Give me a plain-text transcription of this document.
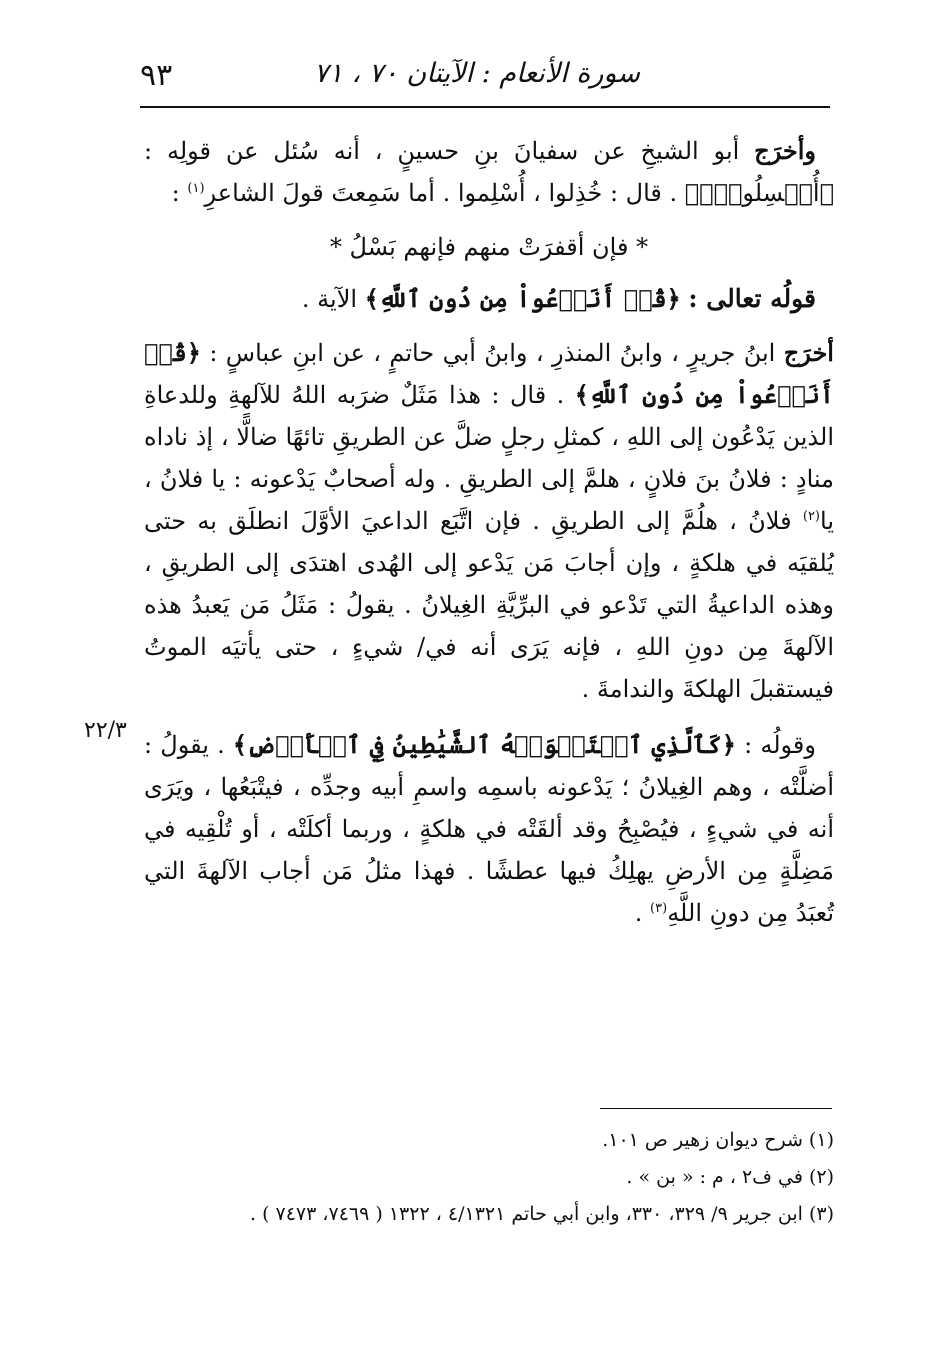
٩٣	سورة الأنعام : الآيتان ٧٠ ، ٧١

وأخرَج أبو الشيخِ عن سفيانَ بنِ حسينٍ ، أنه سُئل عن قولِه : ﴿أُبۡسِلُواْۖ﴾ . قال : خُذِلوا ، أُسْلِموا . أما سَمِعتَ قولَ الشاعرِ$^{(١)}$ :

* فإن أقفرَتْ منهم فإنهم بَسْلُ *

قولُه تعالى : ﴿قُلۡ أَنَدۡعُواْ مِن دُونِ ٱللَّهِ﴾ الآية .

أخرَج ابنُ جريرٍ ، وابنُ المنذرِ ، وابنُ أبي حاتمٍ ، عن ابنِ عباسٍ : ﴿قُلۡ أَنَدۡعُواْ مِن دُونِ ٱللَّهِ﴾ . قال : هذا مَثَلٌ ضرَبه اللهُ للآلهةِ وللدعاةِ الذين يَدْعُون إلى اللهِ ، كمثلِ رجلٍ ضلَّ عن الطريقِ تائهًا ضالًّا ، إذ ناداه منادٍ : فلانُ بنَ فلانٍ ، هلمَّ إلى الطريقِ . وله أصحابٌ يَدْعونه : يا فلانُ ، يا$^{(٢)}$ فلانُ ، هلُمَّ إلى الطريقِ . فإن اتَّبَع الداعيَ الأوَّلَ انطلَق به حتى يُلقيَه في هلكةٍ ، وإن أجابَ مَن يَدْعو إلى الهُدى اهتدَى إلى الطريقِ ، وهذه الداعيةُ التي تَدْعو في البرِّيَّةِ الغِيلانُ . يقولُ : مَثَلُ مَن يَعبدُ هذه الآلهةَ مِن دونِ اللهِ ، فإنه يَرَى أنه في/ شيءٍ ، حتى يأتيَه الموتُ فيستقبلَ الهلكةَ والندامةَ .

وقولُه : ﴿كَٱلَّذِي ٱسۡتَهۡوَتۡهُ ٱلشَّيَٰطِينُ فِي ٱلۡأَرۡضِ﴾ . يقولُ : أضلَّتْه ، وهم الغِيلانُ ؛ يَدْعونه باسمِه واسمِ أبيه وجدِّه ، فيتْبَعُها ، ويَرَى أنه في شيءٍ ، فيُصْبِحُ وقد ألقَتْه في هلكةٍ ، وربما أكلَتْه ، أو تُلْقِيه في مَضِلَّةٍ مِن الأرضِ يهلِكُ فيها عطشًا . فهذا مثلُ مَن أجاب الآلهةَ التي تُعبَدُ مِن دونِ اللَّهِ$^{(٣)}$ .

٢٢/٣

(١) شرح ديوان زهير ص ١٠١.

(٢) في ف٢ ، م : « بن » .

(٣) ابن جرير ٩/ ٣٢٩، ٣٣٠، وابن أبي حاتم ٤/١٣٢١ ، ١٣٢٢ ( ٧٤٦٩، ٧٤٧٣ ) .
